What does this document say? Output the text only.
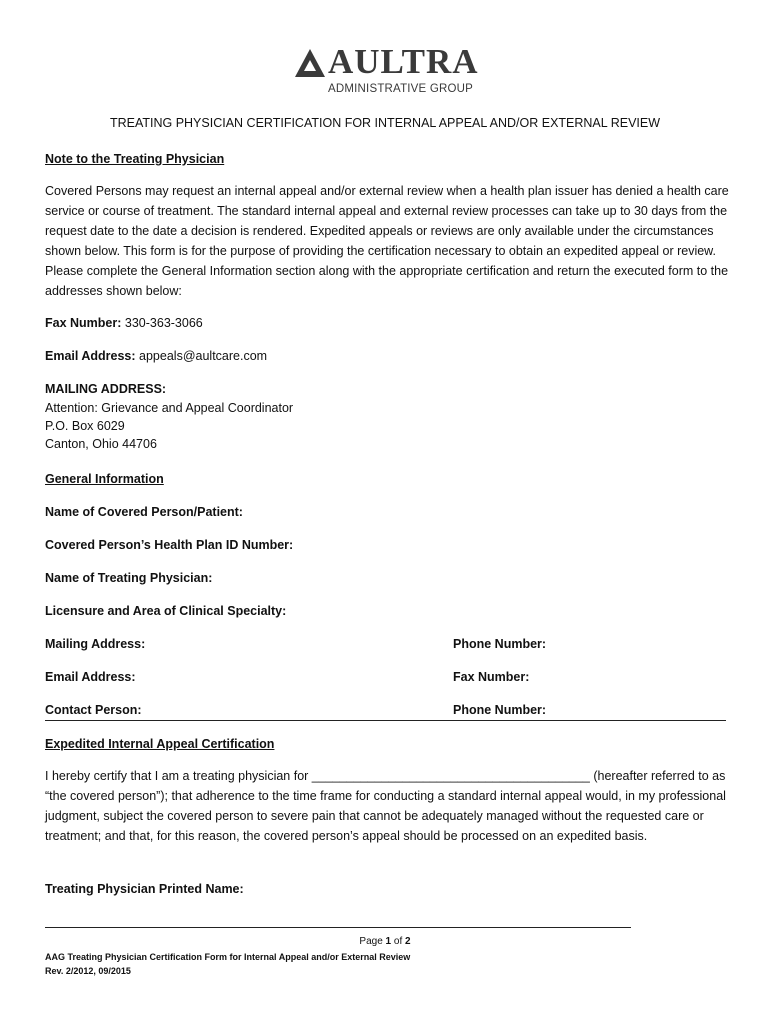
AULTRA
ADMINISTRATIVE GROUP
TREATING PHYSICIAN CERTIFICATION FOR INTERNAL APPEAL AND/OR EXTERNAL REVIEW
Note to the Treating Physician
Covered Persons may request an internal appeal and/or external review when a health plan issuer has denied a health care service or course of treatment. The standard internal appeal and external review processes can take up to 30 days from the request date to the date a decision is rendered. Expedited appeals or reviews are only available under the circumstances shown below. This form is for the purpose of providing the certification necessary to obtain an expedited appeal or review. Please complete the General Information section along with the appropriate certification and return the executed form to the addresses shown below:
Fax Number: 330-363-3066
Email Address: appeals@aultcare.com
MAILING ADDRESS:
Attention: Grievance and Appeal Coordinator
P.O. Box 6029
Canton, Ohio 44706
General Information
Name of Covered Person/Patient:
Covered Person’s Health Plan ID Number:
Name of Treating Physician:
Licensure and Area of Clinical Specialty:
Mailing Address:	Phone Number:
Email Address:	Fax Number:
Contact Person:	Phone Number:
Expedited Internal Appeal Certification
I hereby certify that I am a treating physician for ________________________________________ (hereafter referred to as “the covered person”); that adherence to the time frame for conducting a standard internal appeal would, in my professional judgment, subject the covered person to severe pain that cannot be adequately managed without the requested care or treatment; and that, for this reason, the covered person’s appeal should be processed on an expedited basis.
Treating Physician Printed Name:
Page 1 of 2
AAG Treating Physician Certification Form for Internal Appeal and/or External Review
Rev. 2/2012, 09/2015
